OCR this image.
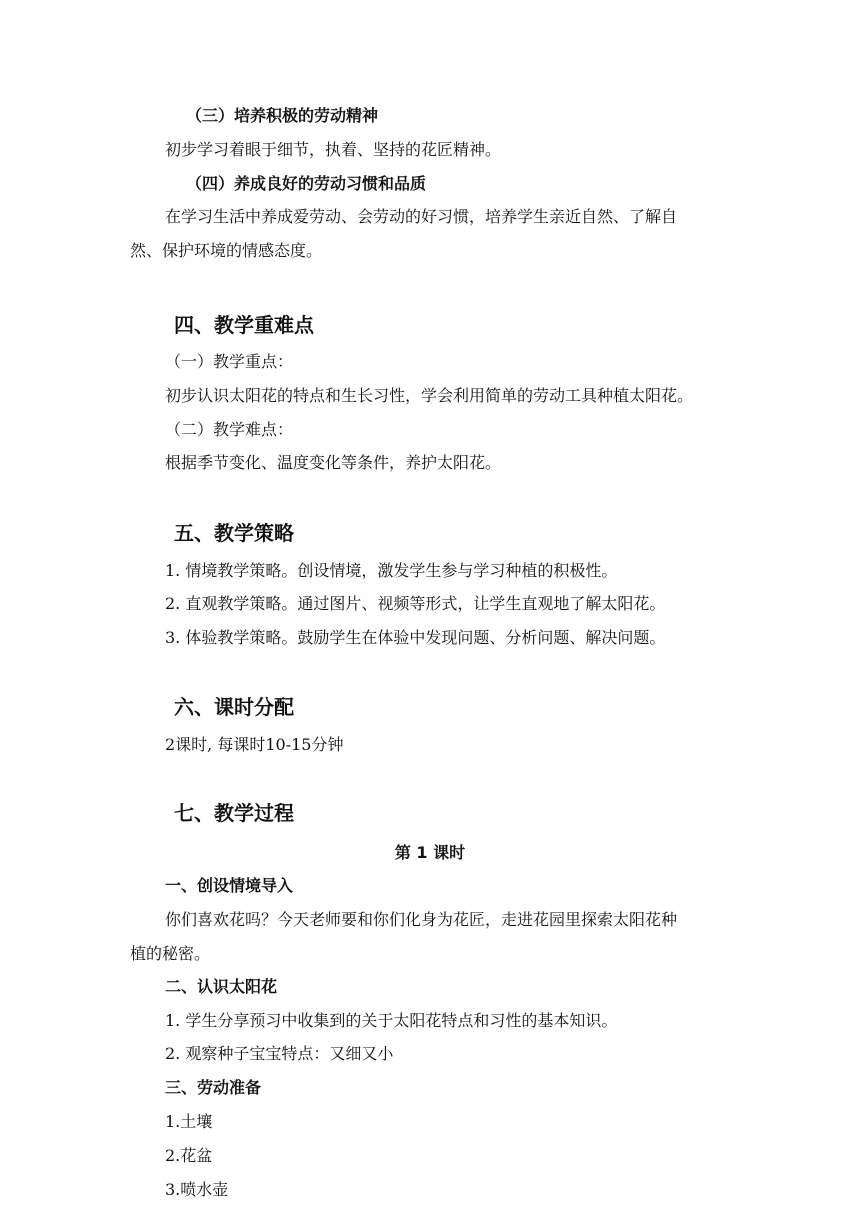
（三）培养积极的劳动精神
初步学习着眼于细节，执着、坚持的花匠精神。
（四）养成良好的劳动习惯和品质
在学习生活中养成爱劳动、会劳动的好习惯，培养学生亲近自然、了解自
然、保护环境的情感态度。
四、教学重难点
（一）教学重点：
初步认识太阳花的特点和生长习性，学会利用简单的劳动工具种植太阳花。
（二）教学难点：
根据季节变化、温度变化等条件，养护太阳花。
五、教学策略
1. 情境教学策略。创设情境，激发学生参与学习种植的积极性。
2. 直观教学策略。通过图片、视频等形式，让学生直观地了解太阳花。
3. 体验教学策略。鼓励学生在体验中发现问题、分析问题、解决问题。
六、课时分配
2课时, 每课时10-15分钟
七、教学过程
第 1 课时
一、创设情境导入
你们喜欢花吗？今天老师要和你们化身为花匠，走进花园里探索太阳花种
植的秘密。
二、认识太阳花
1. 学生分享预习中收集到的关于太阳花特点和习性的基本知识。
2. 观察种子宝宝特点：又细又小
三、劳动准备
1.土壤
2.花盆
3.喷水壶
